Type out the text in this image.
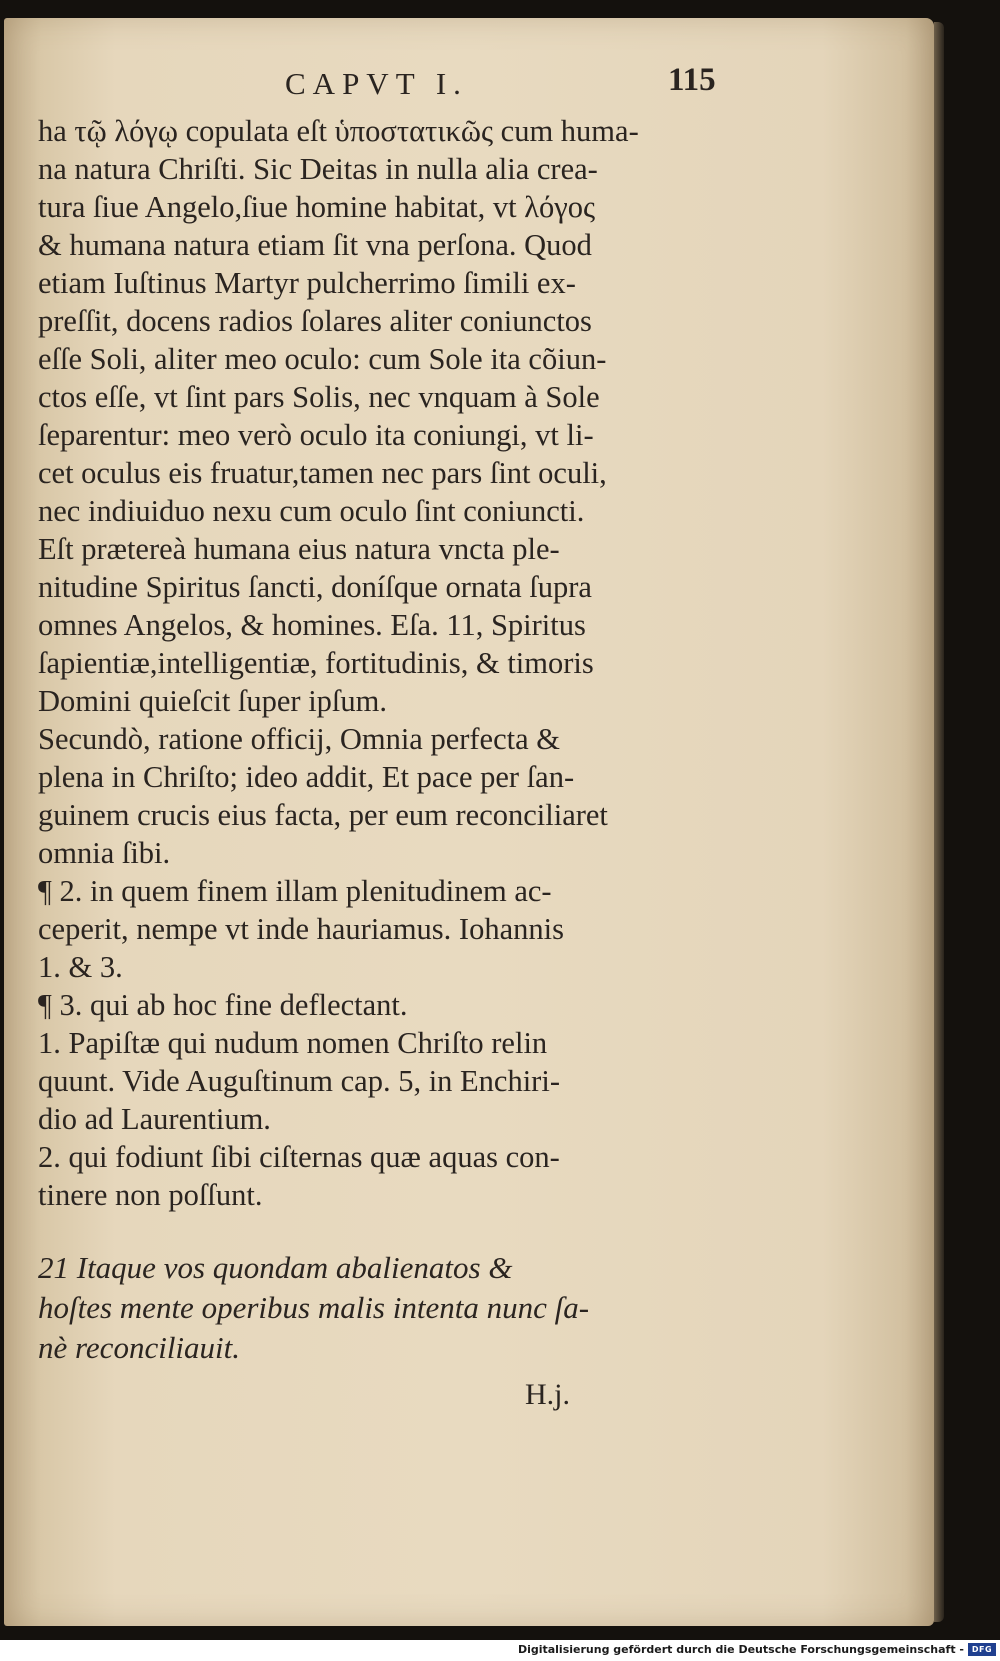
CAPVT I.	115
ha τῷ λόγῳ copulata eſt ὑποστατικῶς cum huma-
na natura Chriſti. Sic Deitas in nulla alia crea-
tura ſiue Angelo,ſiue homine habitat, vt λόγος
& humana natura etiam ſit vna perſona. Quod
etiam Iuſtinus Martyr pulcherrimo ſimili ex-
preſſit, docens radios ſolares aliter coniunctos
eſſe Soli, aliter meo oculo: cum Sole ita cõiun-
ctos eſſe, vt ſint pars Solis, nec vnquam à Sole
ſeparentur: meo verò oculo ita coniungi, vt li-
cet oculus eis fruatur,tamen nec pars ſint oculi,
nec indiuiduo nexu cum oculo ſint coniuncti.
Eſt prætereà humana eius natura vncta ple-
nitudine Spiritus ſancti, doníſque ornata ſupra
omnes Angelos, & homines. Eſa. 11, Spiritus
ſapientiæ,intelligentiæ, fortitudinis, & timoris
Domini quieſcit ſuper ipſum.
Secundò, ratione officij, Omnia perfecta &
plena in Chriſto; ideo addit, Et pace per ſan-
guinem crucis eius facta, per eum reconciliaret
omnia ſibi.
¶ 2. in quem finem illam plenitudinem ac-
ceperit, nempe vt inde hauriamus. Iohannis
1. & 3.
¶ 3. qui ab hoc fine deflectant.
1. Papiſtæ qui nudum nomen Chriſto relin
quunt. Vide Auguſtinum cap. 5, in Enchiri-
dio ad Laurentium.
2. qui fodiunt ſibi ciſternas quæ aquas con-
tinere non poſſunt.
21 Itaque vos quondam abalienatos &
hoſtes mente operibus malis intenta nunc ſa-
nè reconciliauit.
H.j.
Digitalisierung gefördert durch die Deutsche Forschungsgemeinschaft - DFG
